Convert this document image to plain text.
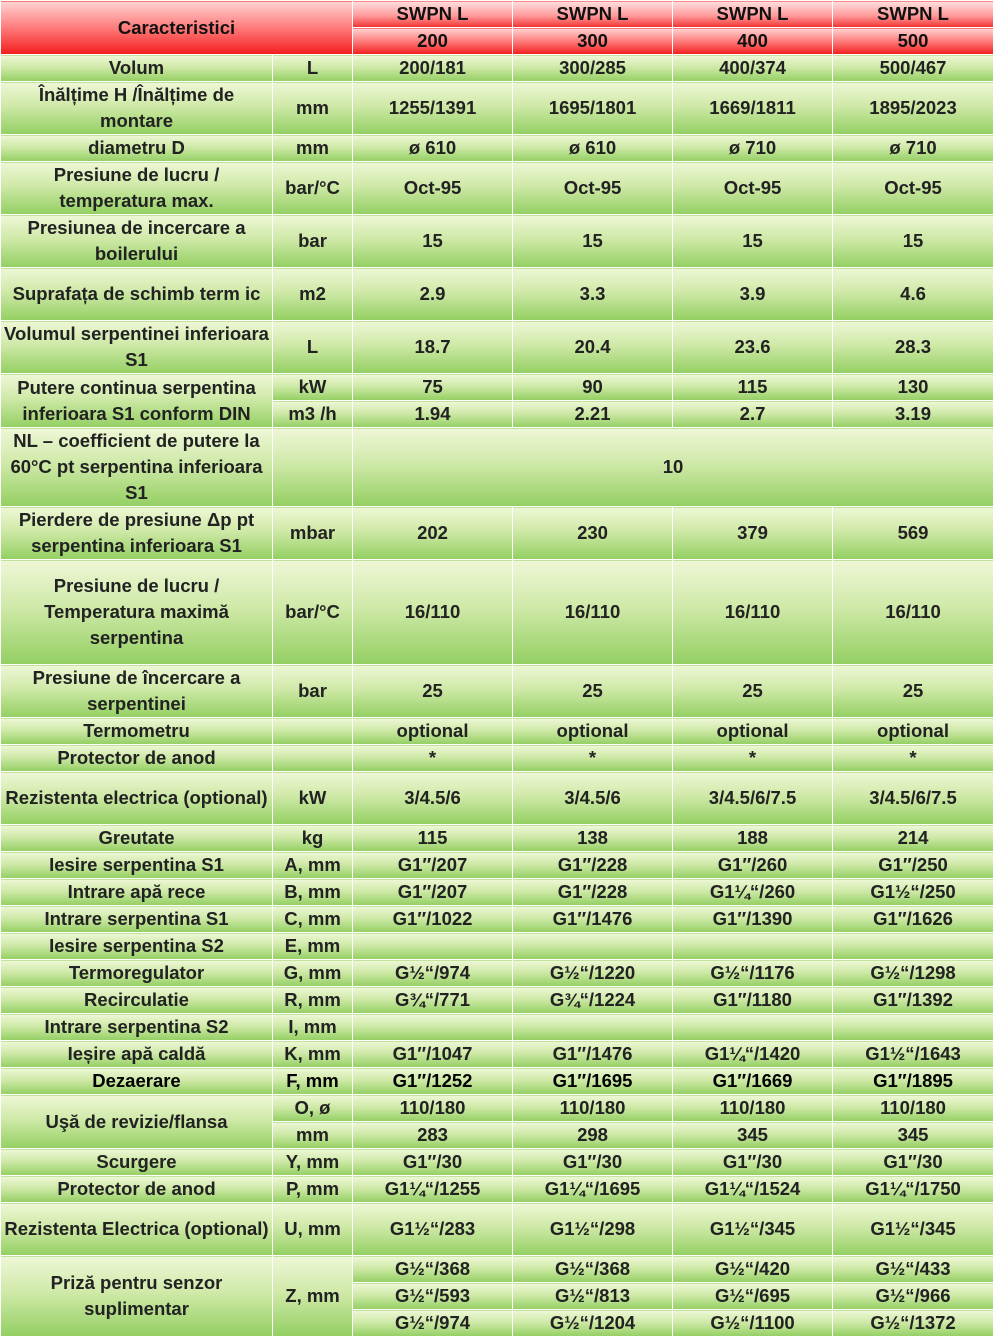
Caracteristici		SWPN L	SWPN L	SWPN L	SWPN L
		200	300	400	500
Volum	L	200/181	300/285	400/374	500/467
Înălțime H /Înălțime de montare	mm	1255/1391	1695/1801	1669/1811	1895/2023
diametru D	mm	ø 610	ø 610	ø 710	ø 710
Presiune de lucru / temperatura max.	bar/°C	Oct-95	Oct-95	Oct-95	Oct-95
Presiunea de incercare a boilerului	bar	15	15	15	15
Suprafața de schimb term ic	m2	2.9	3.3	3.9	4.6
Volumul serpentinei inferioara S1	L	18.7	20.4	23.6	28.3
Putere continua serpentina inferioara S1 conform DIN	kW	75	90	115	130
	m3 /h	1.94	2.21	2.7	3.19
NL – coefficient de putere la 60°C pt serpentina inferioara S1		10			
Pierdere de presiune Δp pt serpentina inferioara S1	mbar	202	230	379	569
Presiune de lucru / Temperatura maximă serpentina	bar/°C	16/110	16/110	16/110	16/110
Presiune de încercare a serpentinei	bar	25	25	25	25
Termometru		optional	optional	optional	optional
Protector de anod		*	*	*	*
Rezistenta electrica (optional)	kW	3/4.5/6	3/4.5/6	3/4.5/6/7.5	3/4.5/6/7.5
Greutate	kg	115	138	188	214
Iesire serpentina S1	A, mm	G1″/207	G1″/228	G1″/260	G1″/250
Intrare apă rece	B, mm	G1″/207	G1″/228	G1¼“/260	G1½“/250
Intrare serpentina S1	C, mm	G1″/1022	G1″/1476	G1″/1390	G1″/1626
Iesire serpentina S2	E, mm				
Termoregulator	G, mm	G½“/974	G½“/1220	G½“/1176	G½“/1298
Recirculatie	R, mm	G¾“/771	G¾“/1224	G1″/1180	G1″/1392
Intrare serpentina S2	I, mm				
Ieșire apă caldă	K, mm	G1″/1047	G1″/1476	G1¼“/1420	G1½“/1643
Dezaerare	F, mm	G1″/1252	G1″/1695	G1″/1669	G1″/1895
Uşă de revizie/flansa	O, ø	110/180	110/180	110/180	110/180
	mm	283	298	345	345
Scurgere	Y, mm	G1″/30	G1″/30	G1″/30	G1″/30
Protector de anod	P, mm	G1¼“/1255	G1¼“/1695	G1¼“/1524	G1¼“/1750
Rezistenta Electrica (optional)	U, mm	G1½“/283	G1½“/298	G1½“/345	G1½“/345
Priză pentru senzor suplimentar	Z, mm	G½“/368	G½“/368	G½“/420	G½“/433
		G½“/593	G½“/813	G½“/695	G½“/966
		G½“/974	G½“/1204	G½“/1100	G½“/1372
